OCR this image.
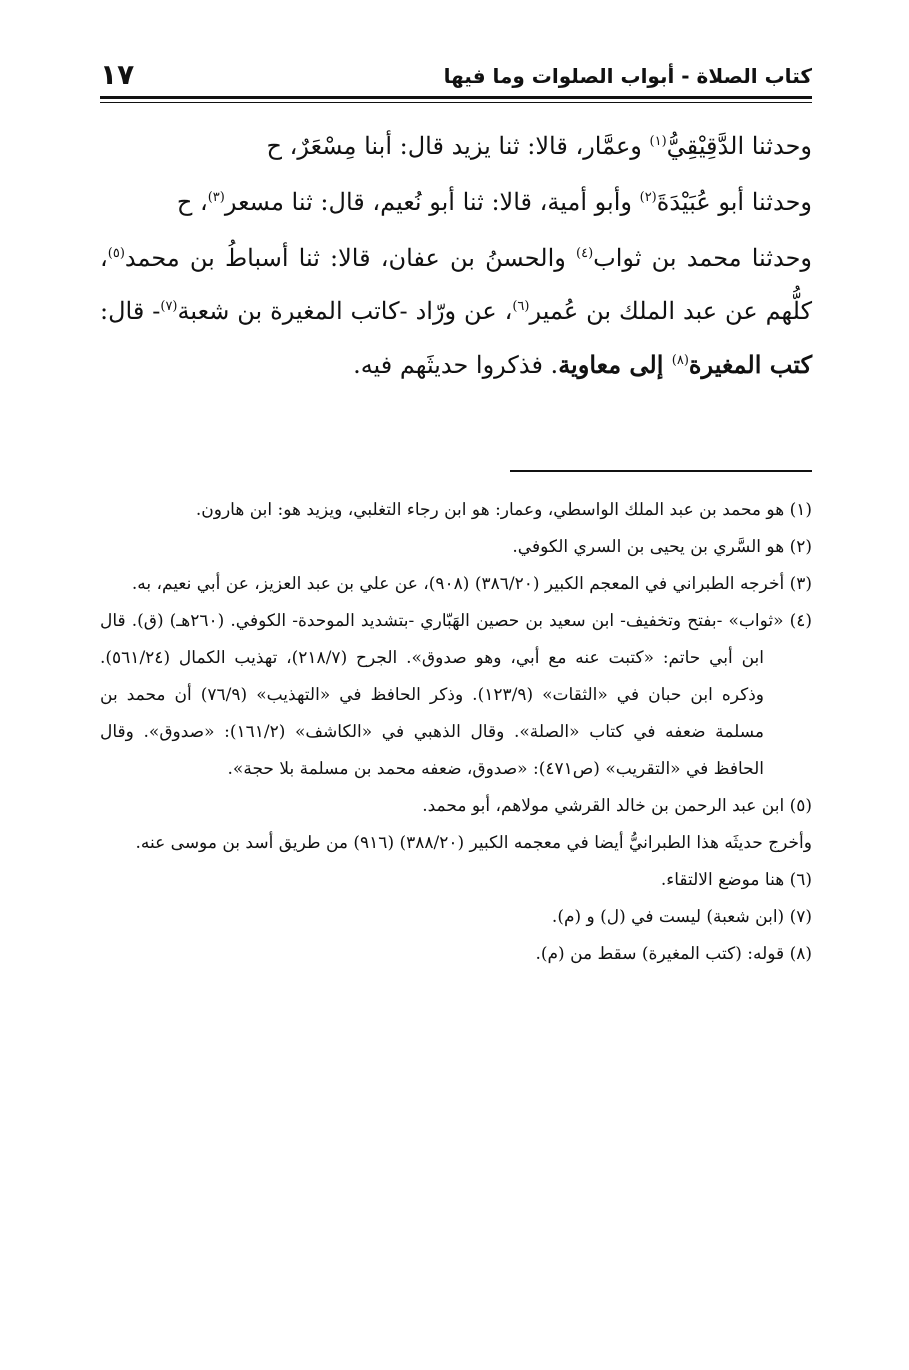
كتاب الصلاة - أبواب الصلوات وما فيها
١٧

وحدثنا الدَّقِيْقِيُّ$^{(١)}$ وعمَّار، قالا: ثنا يزيد قال: أبنا مِسْعَرٌ، ح

وحدثنا أبو عُبَيْدَةَ$^{(٢)}$ وأبو أمية، قالا: ثنا أبو نُعيم، قال: ثنا مسعر$^{(٣)}$، ح

وحدثنا محمد بن ثواب$^{(٤)}$ والحسنُ بن عفان، قالا: ثنا أسباطُ بن محمد$^{(٥)}$، كلُّهم عن عبد الملك بن عُمير$^{(٦)}$، عن ورّاد -كاتب المغيرة بن شعبة$^{(٧)}$- قال: كتب المغيرة$^{(٨)}$ إلى معاوية. فذكروا حديثَهم فيه.

(١) هو محمد بن عبد الملك الواسطي، وعمار: هو ابن رجاء التغلبي، ويزيد هو: ابن هارون.

(٢) هو السَّري بن يحيى بن السري الكوفي.

(٣) أخرجه الطبراني في المعجم الكبير (٣٨٦/٢٠) (٩٠٨)، عن علي بن عبد العزيز، عن أبي نعيم، به.

(٤) «ثواب» -بفتح وتخفيف- ابن سعيد بن حصين الهَبّاري -بتشديد الموحدة- الكوفي. (٢٦٠هـ) (ق). قال ابن أبي حاتم: «كتبت عنه مع أبي، وهو صدوق». الجرح (٢١٨/٧)، تهذيب الكمال (٥٦١/٢٤). وذكره ابن حبان في «الثقات» (١٢٣/٩). وذكر الحافظ في «التهذيب» (٧٦/٩) أن محمد بن مسلمة ضعفه في كتاب «الصلة». وقال الذهبي في «الكاشف» (١٦١/٢): «صدوق». وقال الحافظ في «التقريب» (ص٤٧١): «صدوق، ضعفه محمد بن مسلمة بلا حجة».

(٥) ابن عبد الرحمن بن خالد القرشي مولاهم، أبو محمد.

وأخرج حديثَه هذا الطبرانيُّ أيضا في معجمه الكبير (٣٨٨/٢٠) (٩١٦) من طريق أسد بن موسى عنه.

(٦) هنا موضع الالتقاء.

(٧) (ابن شعبة) ليست في (ل) و (م).

(٨) قوله: (كتب المغيرة) سقط من (م).
